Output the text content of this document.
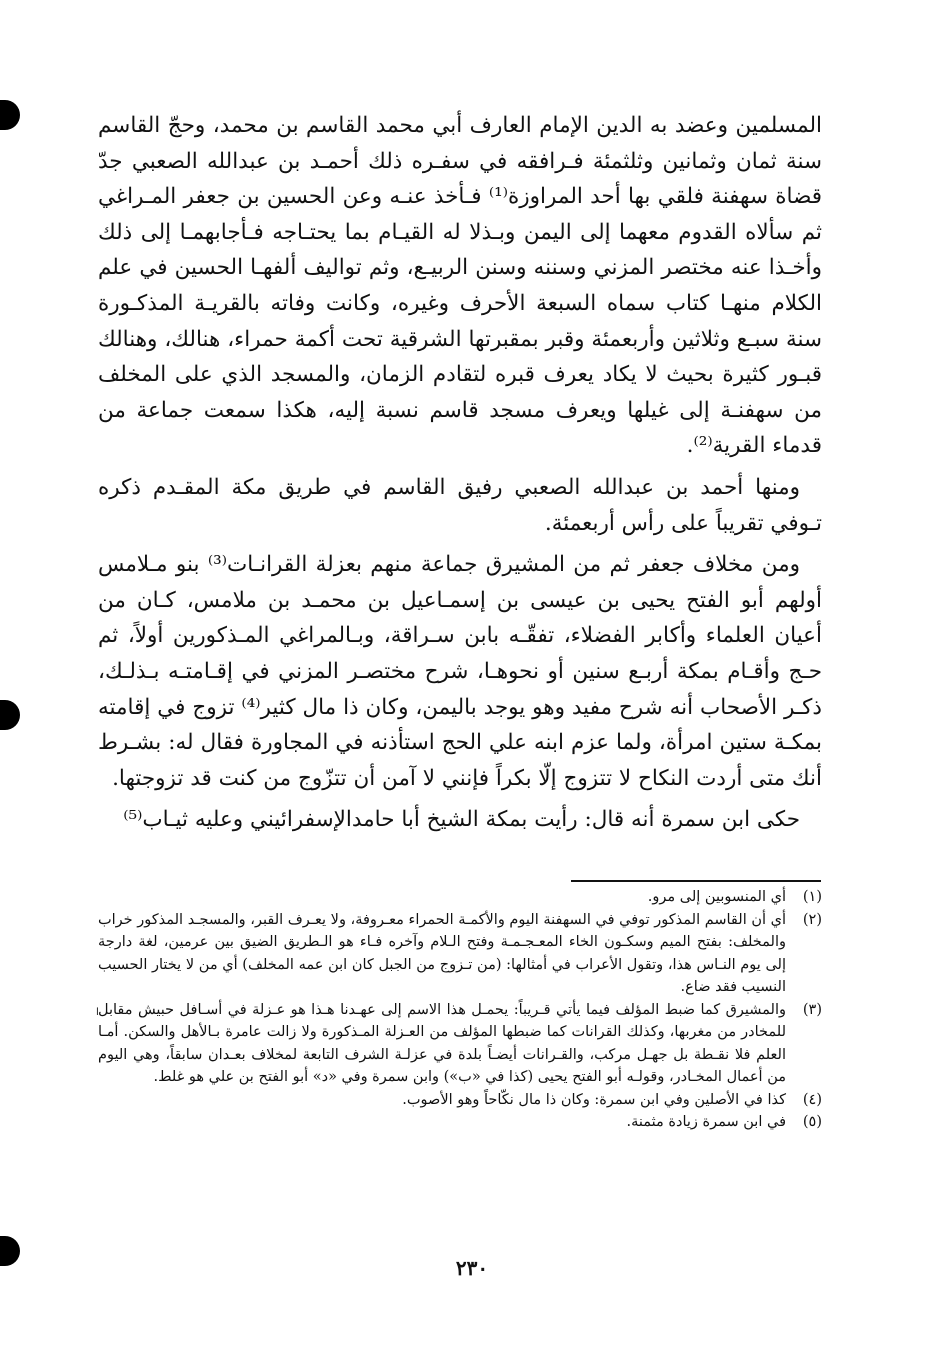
المسلمين وعضد به الدين الإمام العارف أبي محمد القاسم بن محمد، وحجّ القاسم سنة ثمان وثمانين وثلثمئة فـرافقه في سفـره ذلك أحمـد بن عبدالله الصعبي جدّ قضاة سهفنة فلقي بها أحد المراوزة⁽¹⁾ فـأخذ عنـه وعن الحسين بن جعفر المـراغي ثم سألاه القدوم معهما إلى اليمن وبـذلا له القيـام بما يحتـاجه فـأجابهمـا إلى ذلك وأخـذا عنه مختصر المزني وسننه وسنن الربيـع، وثم تواليف ألفهـا الحسين في علم الكلام منهـا كتاب سماه السبعة الأحرف وغيره، وكانت وفاته بالقريـة المذكـورة سنة سبـع وثلاثين وأربعمئة وقبر بمقبرتها الشرقية تحت أكمة حمراء، هنالك، وهنالك قبـور كثيرة بحيث لا يكاد يعرف قبره لتقادم الزمان، والمسجد الذي على المخلف من سهفنـة إلى غيلها ويعرف مسجد قاسم نسبة إليه، هكذا سمعت جماعة من قدماء القرية⁽²⁾.

ومنها أحمد بن عبدالله الصعبي رفيق القاسم في طريق مكة المقـدم ذكره تـوفي تقريباً على رأس أربعمئة.

ومن مخلاف جعفر ثم من المشيرق جماعة منهم بعزلة القرانـات⁽³⁾ بنو مـلامس أولهم أبو الفتح يحيى بن عيسى بن إسمـاعيل بن محمـد بن ملامس، كـان من أعيان العلماء وأكابر الفضلاء، تفقّـه بابن سـراقة، وبـالمراغي المـذكورين أولاً، ثم حـج وأقـام بمكة أربـع سنين أو نحوهـا، شرح مختصـر المزني في إقـامتـه بـذلـك، ذكـر الأصحاب أنه شرح مفيد وهو يوجد باليمن، وكان ذا مال كثير⁽⁴⁾ تزوج في إقامته بمكـة ستين امرأة، ولما عزم ابنه علي الحج استأذنه في المجاورة فقال له: بشـرط أنك متى أردت النكاح لا تتزوج إلّا بكراً فإنني لا آمن أن تتزّوج من كنت قد تزوجتها.

حكى ابن سمرة أنه قال: رأيت بمكة الشيخ أبا حامدالإسفرائيني وعليه ثيـاب⁽⁵⁾

(١)
أي المنسوبين إلى مرو.
(٢)
أي أن القاسم المذكور توفي في السهفنة اليوم والأكمـة الحمراء معـروفة، ولا يعـرف القبر، والمسجـد المذكور خراب والمخلف: بفتح الميم وسكـون الخاء المعـجـمـة وفتح الـلام وآخره فـاء هو الـطريق الضيق بين عرمين، لغة دارجة إلى يوم النـاس هذا، وتقول الأعراب في أمثالها: (من تـزوج من الجبل كان ابن عمه المخلف) أي من لا يختار الحسيب النسيب فقد ضاع.
(٣)
والمشيرق كما ضبط المؤلف فيما يأتي قـريباً: يحمـل هذا الاسم إلى عهـدنا هـذا هو عـزلة في أسـافل حبيش مقابل للمخادر من مغربها، وكذلك القرانات كما ضبطها المؤلف من العـزلة المـذكورة ولا زالت عامرة بـالأهل والسكن. أمـا العلم فلا نقـطة بل جهـل مركب، والقـرانات أيضـاً بلدة في عزلـة الشرف التابعة لمخلاف بعـدان سابقاً، وهي اليوم من أعمال المخـادر، وقولـه أبو الفتح يحيى (كذا في «ب») وابن سمرة وفي «د» أبو الفتح بن علي هو غلط.
(٤)
كذا في الأصلين وفي ابن سمرة: وكان ذا مال نكّاحاً وهو الأصوب.
(٥)
في ابن سمرة زيادة مثمنة.
ا
٢٣٠
